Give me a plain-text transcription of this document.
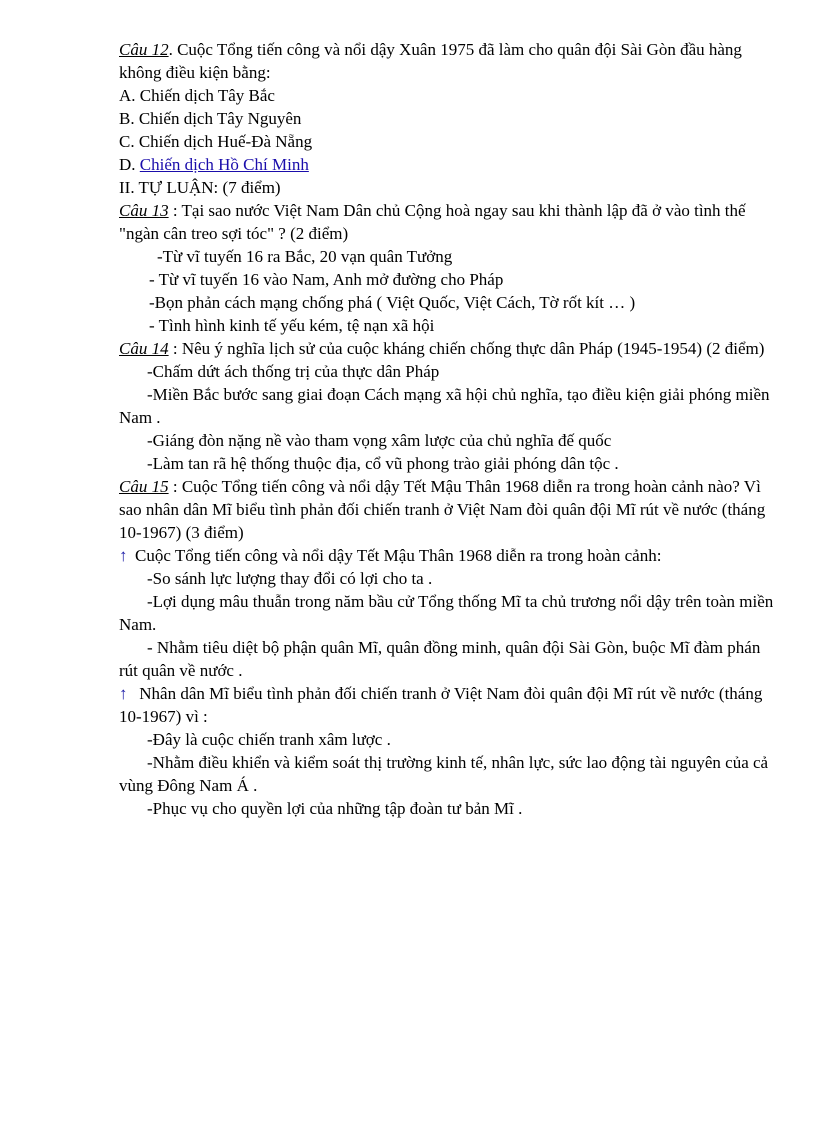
Câu 12. Cuộc Tổng tiến công và nổi dậy Xuân 1975 đã làm cho quân đội Sài Gòn đầu hàng không điều kiện bằng:

A. Chiến dịch Tây Bắc

B. Chiến dịch Tây Nguyên

C. Chiến dịch Huế-Đà Nẵng

D. Chiến dịch Hồ Chí Minh

II. TỰ LUẬN: (7 điểm)

Câu 13 : Tại sao nước Việt Nam Dân chủ Cộng hoà ngay sau khi thành lập đã ở vào tình thế "ngàn cân treo sợi tóc" ? (2 điểm)

-Từ vĩ tuyến 16 ra Bắc, 20 vạn quân Tưởng

- Từ vĩ tuyến 16 vào Nam, Anh mở đường cho Pháp

-Bọn phản cách mạng chống phá ( Việt Quốc, Việt Cách, Tờ rốt kít … )

- Tình hình kinh tế yếu kém, tệ nạn xã hội

Câu 14 : Nêu ý nghĩa lịch sử của cuộc kháng chiến chống thực dân Pháp (1945-1954) (2 điểm)

-Chấm dứt ách thống trị của thực dân Pháp

-Miền Bắc bước sang giai đoạn Cách mạng xã hội chủ nghĩa, tạo điều kiện giải phóng miền Nam .

-Giáng đòn nặng nề vào tham vọng xâm lược của chủ nghĩa đế quốc

-Làm tan rã hệ thống thuộc địa, cổ vũ phong trào giải phóng dân tộc .

Câu 15 : Cuộc Tổng tiến công và nổi dậy Tết Mậu Thân 1968 diễn ra trong hoàn cảnh nào? Vì sao nhân dân Mĩ biểu tình phản đối chiến tranh ở Việt Nam đòi quân đội Mĩ rút về nước (tháng 10-1967) (3 điểm)

↑ Cuộc Tổng tiến công và nổi dậy Tết Mậu Thân 1968 diễn ra trong hoàn cảnh:

-So sánh lực lượng thay đổi có lợi cho ta .

-Lợi dụng mâu thuẫn trong năm bầu cử Tổng thống Mĩ ta chủ trương nổi dậy trên toàn miền Nam.

- Nhằm tiêu diệt bộ phận quân Mĩ, quân đồng minh, quân đội Sài Gòn, buộc Mĩ đàm phán rút quân về nước .

↑ Nhân dân Mĩ biểu tình phản đối chiến tranh ở Việt Nam đòi quân đội Mĩ rút về nước (tháng 10-1967) vì :

-Đây là cuộc chiến tranh xâm lược .

-Nhằm điều khiển và kiểm soát thị trường kinh tế, nhân lực, sức lao động tài nguyên của cả vùng Đông Nam Á .

-Phục vụ cho quyền lợi của những tập đoàn tư bản Mĩ .
